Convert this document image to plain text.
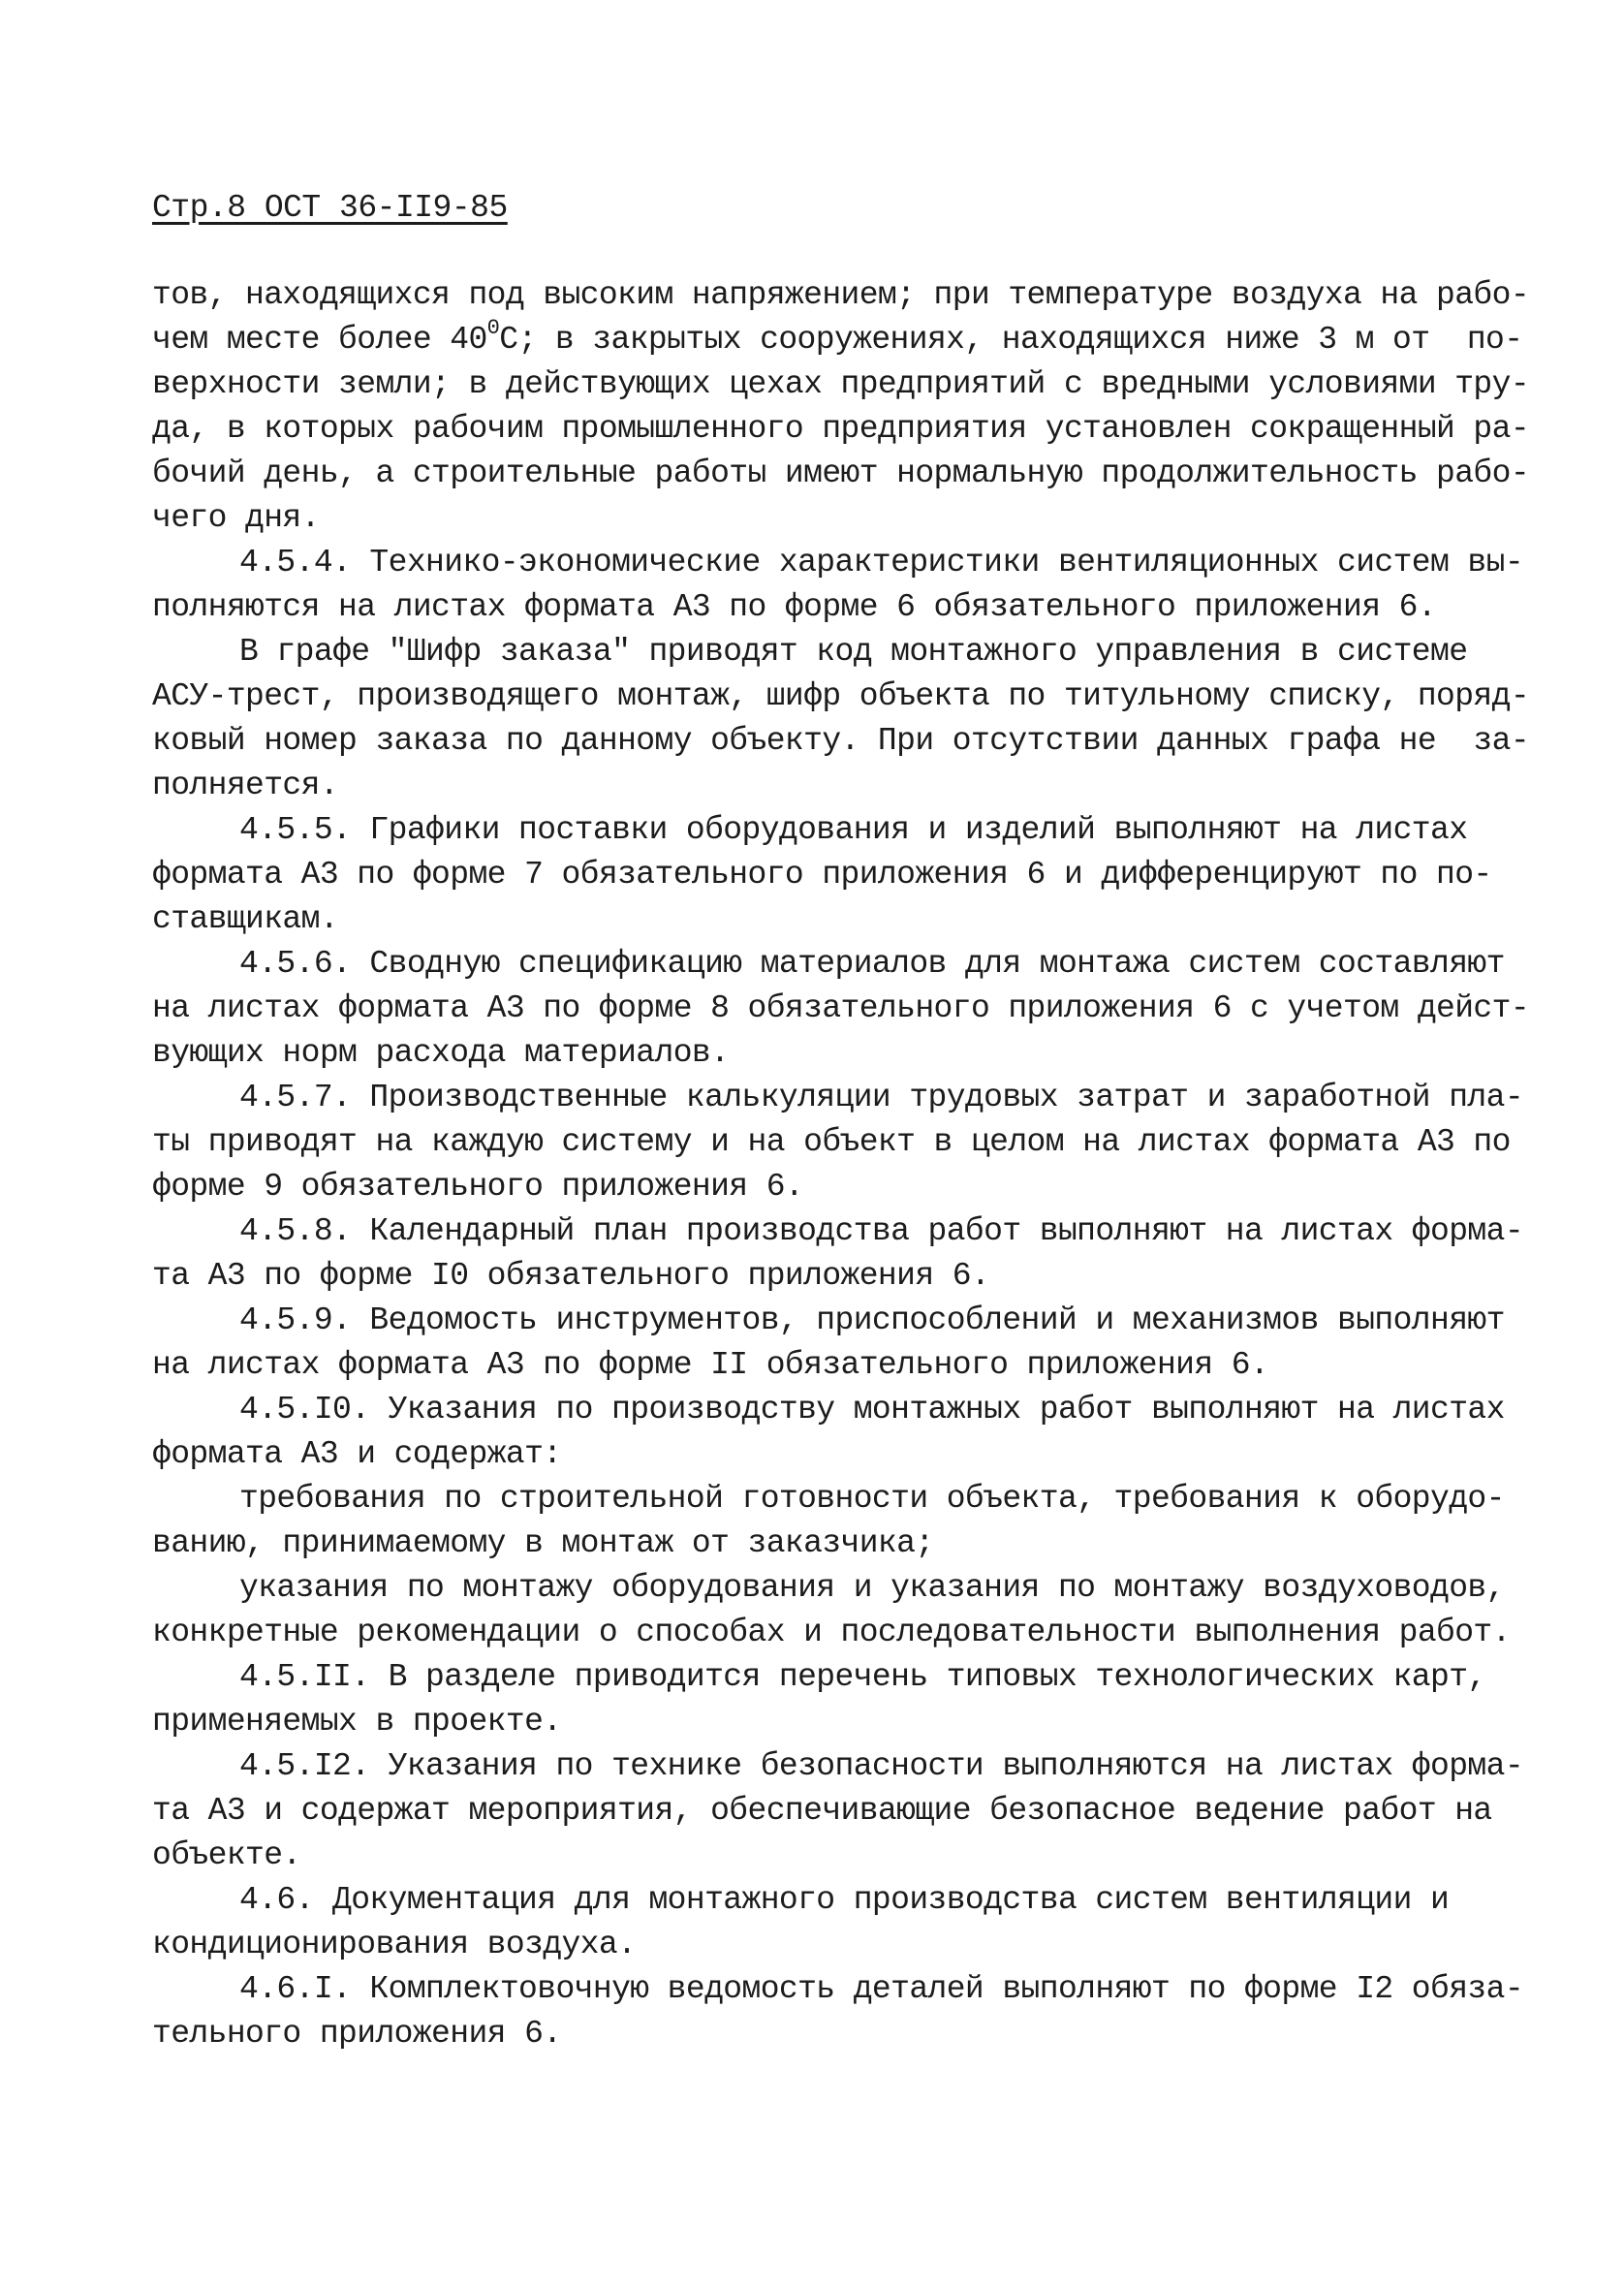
Стр.8 ОСТ 36-II9-85
тов, находящихся под высоким напряжением; при температуре воздуха на рабо-
чем месте более $40^0С$; в закрытых сооружениях, находящихся ниже 3 м от  по-
верхности земли; в действующих цехах предприятий с вредными условиями тру-
да, в которых рабочим промышленного предприятия установлен сокращенный ра-
бочий день, а строительные работы имеют нормальную продолжительность рабо-
чего дня.
4.5.4. Технико-экономические характеристики вентиляционных систем вы-
полняются на листах формата А3 по форме 6 обязательного приложения 6.
В графе "Шифр заказа" приводят код монтажного управления в системе
АСУ-трест, производящего монтаж, шифр объекта по титульному списку, поряд-
ковый номер заказа по данному объекту. При отсутствии данных графа не  за-
полняется.
4.5.5. Графики поставки оборудования и изделий выполняют на листах
формата А3 по форме 7 обязательного приложения 6 и дифференцируют по по-
ставщикам.
4.5.6. Сводную спецификацию материалов для монтажа систем составляют
на листах формата А3 по форме 8 обязательного приложения 6 с учетом дейст-
вующих норм расхода материалов.
4.5.7. Производственные калькуляции трудовых затрат и заработной пла-
ты приводят на каждую систему и на объект в целом на листах формата А3 по
форме 9 обязательного приложения 6.
4.5.8. Календарный план производства работ выполняют на листах форма-
та А3 по форме I0 обязательного приложения 6.
4.5.9. Ведомость инструментов, приспособлений и механизмов выполняют
на листах формата А3 по форме II обязательного приложения 6.
4.5.I0. Указания по производству монтажных работ выполняют на листах
формата А3 и содержат:
требования по строительной готовности объекта, требования к оборудо-
ванию, принимаемому в монтаж от заказчика;
указания по монтажу оборудования и указания по монтажу воздуховодов,
конкретные рекомендации о способах и последовательности выполнения работ.
4.5.II. В разделе приводится перечень типовых технологических карт,
применяемых в проекте.
4.5.I2. Указания по технике безопасности выполняются на листах форма-
та А3 и содержат мероприятия, обеспечивающие безопасное ведение работ на
объекте.
4.6. Документация для монтажного производства систем вентиляции и
кондиционирования воздуха.
4.6.I. Комплектовочную ведомость деталей выполняют по форме I2 обяза-
тельного приложения 6.
